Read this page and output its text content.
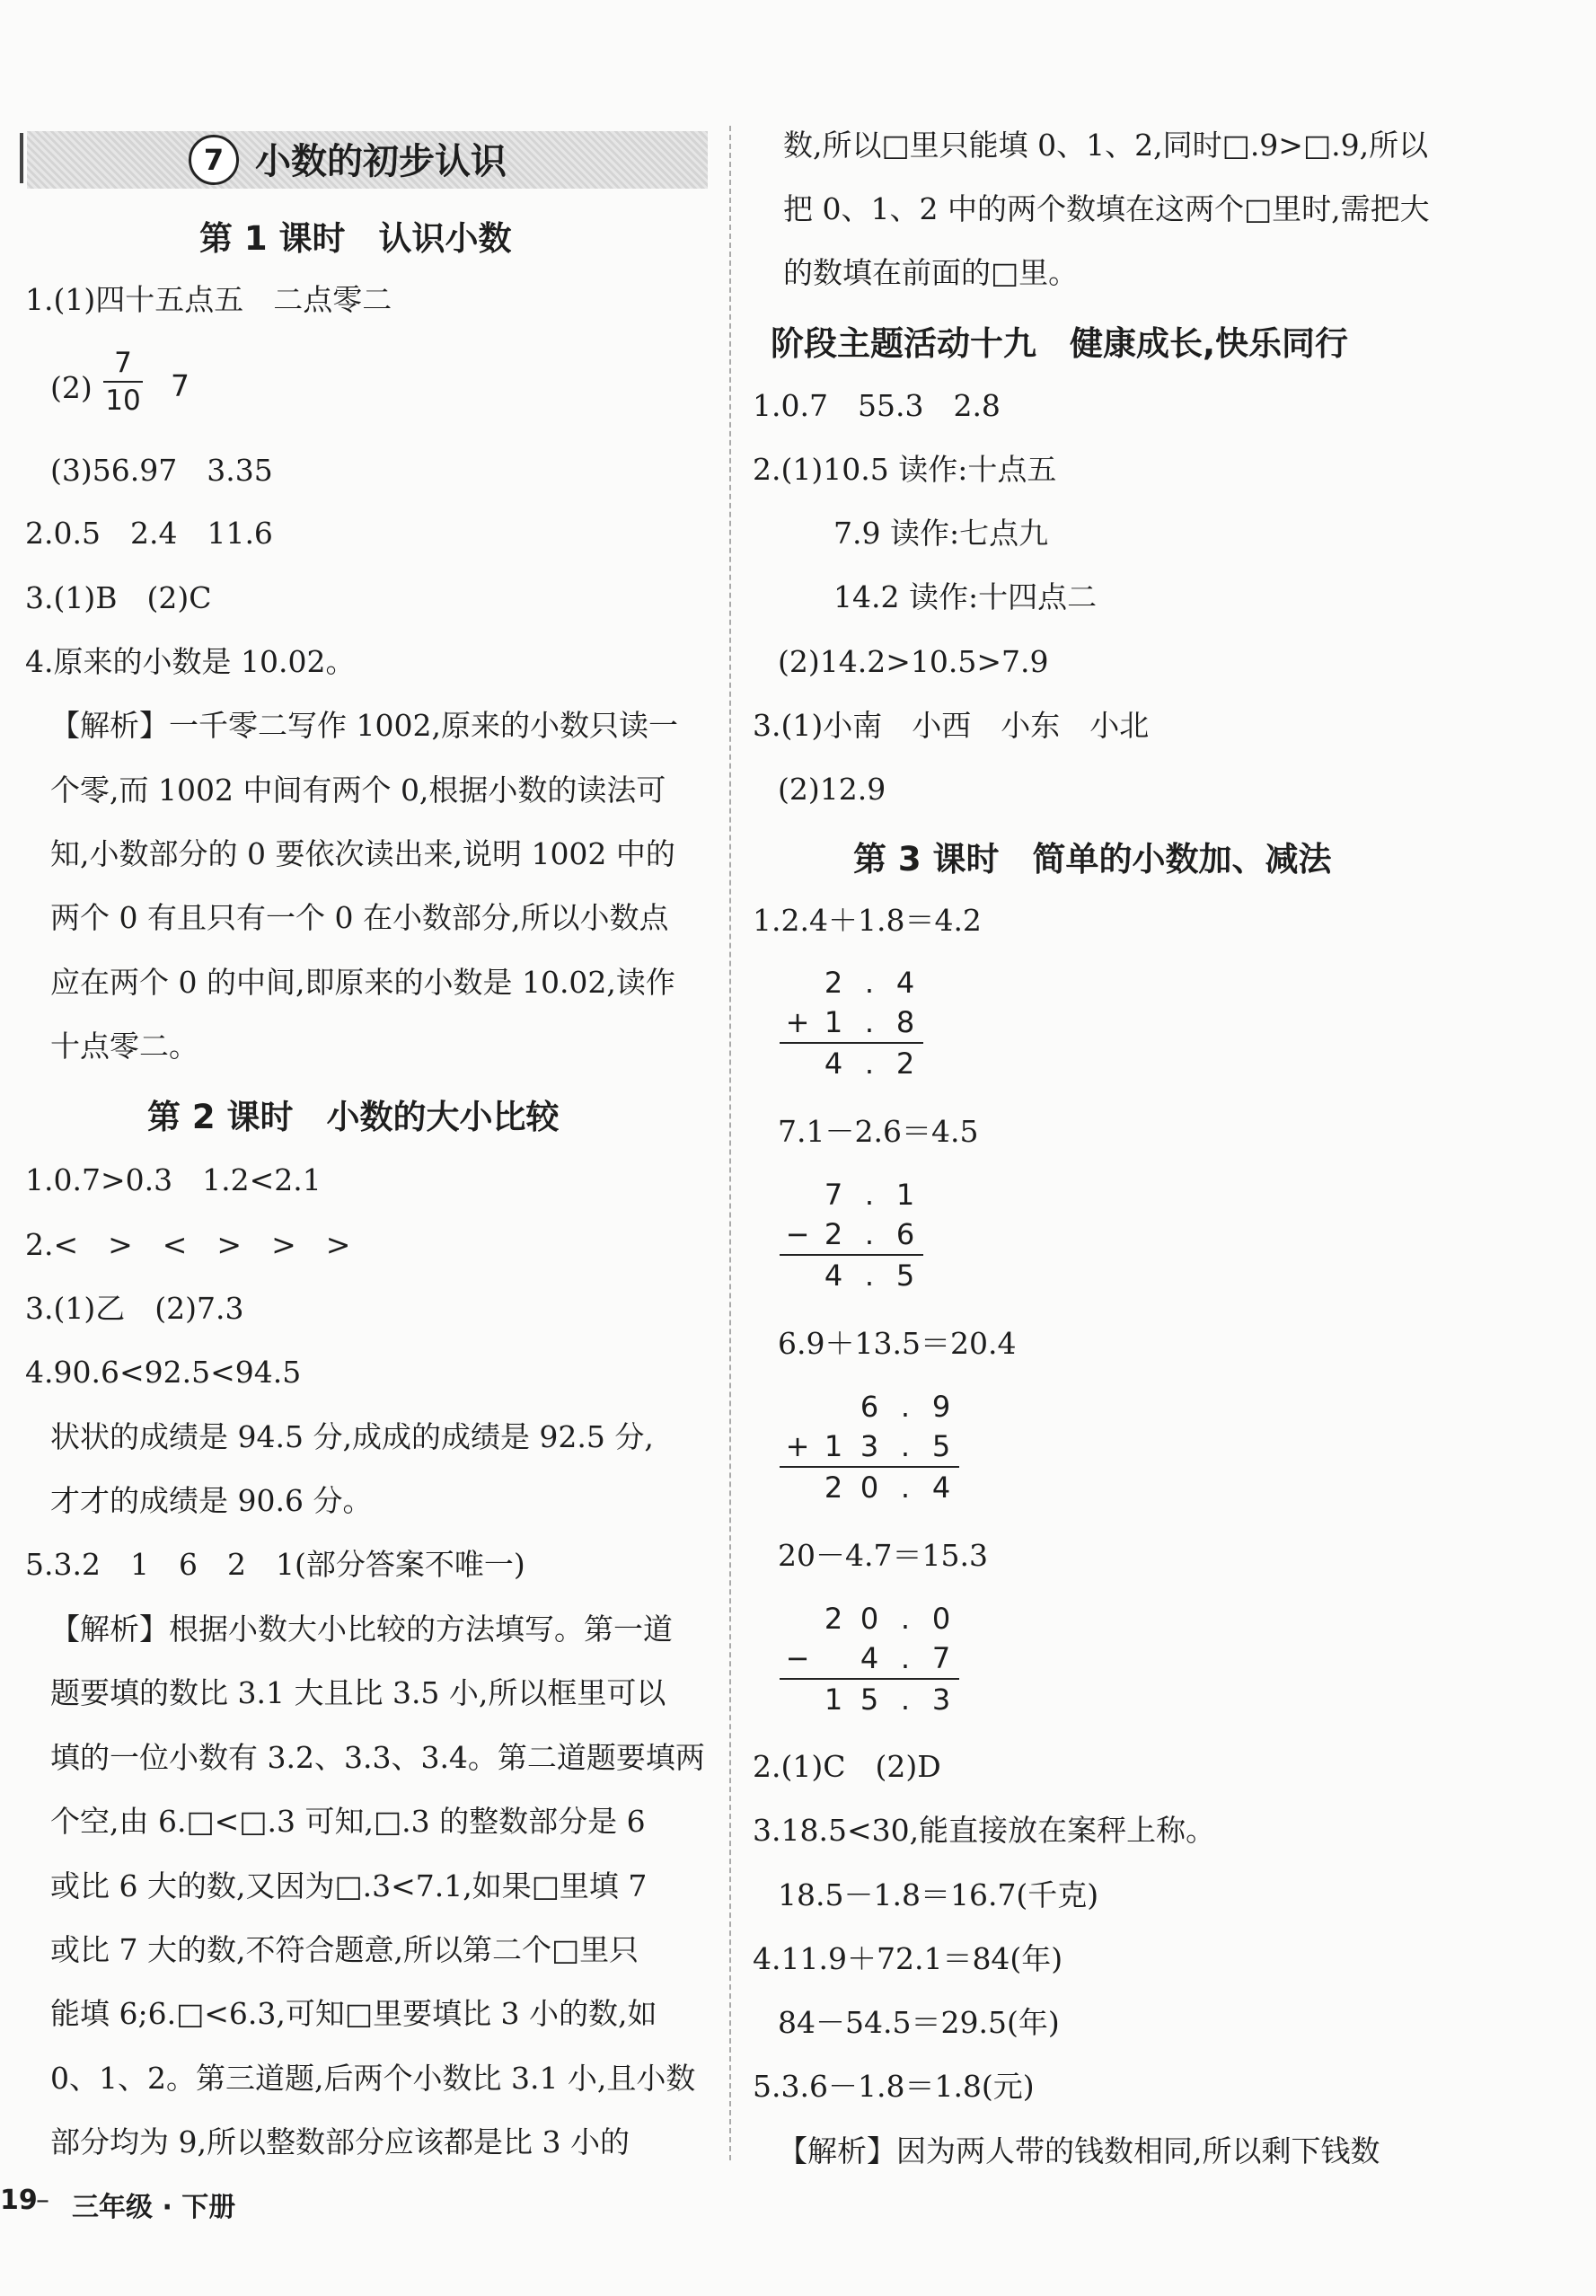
7 小数的初步认识
第 1 课时　认识小数
1.(1)四十五点五　二点零二
(2)
7
10 7
(3)56.97　3.35
2.0.5　2.4　11.6
3.(1)B　(2)C
4.原来的小数是 10.02。
【解析】一千零二写作 1002,原来的小数只读一
个零,而 1002 中间有两个 0,根据小数的读法可
知,小数部分的 0 要依次读出来,说明 1002 中的
两个 0 有且只有一个 0 在小数部分,所以小数点
应在两个 0 的中间,即原来的小数是 10.02,读作
十点零二。
第 2 课时　小数的大小比较
1.0.7>0.3　1.2<2.1
2.<　>　<　>　>　>
3.(1)乙　(2)7.3
4.90.6<92.5<94.5
状状的成绩是 94.5 分,成成的成绩是 92.5 分,
才才的成绩是 90.6 分。
5.3.2　1　6　2　1(部分答案不唯一)
【解析】根据小数大小比较的方法填写。第一道
题要填的数比 3.1 大且比 3.5 小,所以框里可以
填的一位小数有 3.2、3.3、3.4。第二道题要填两
个空,由 6.□<□.3 可知,□.3 的整数部分是 6
或比 6 大的数,又因为□.3<7.1,如果□里填 7
或比 7 大的数,不符合题意,所以第二个□里只
能填 6;6.□<6.3,可知□里要填比 3 小的数,如
0、1、2。第三道题,后两个小数比 3.1 小,且小数
部分均为 9,所以整数部分应该都是比 3 小的
数,所以□里只能填 0、1、2,同时□.9>□.9,所以
把 0、1、2 中的两个数填在这两个□里时,需把大
的数填在前面的□里。
阶段主题活动十九　健康成长,快乐同行
1.0.7　55.3　2.8
2.(1)10.5 读作:十点五
7.9 读作:七点九
14.2 读作:十四点二
(2)14.2>10.5>7.9
3.(1)小南　小西　小东　小北
(2)12.9
第 3 课时　简单的小数加、减法
1.2.4＋1.8＝4.2
2 . 4
+ 1 . 8
4 . 2
7.1－2.6＝4.5
7 . 1
− 2 . 6
4 . 5
6.9＋13.5＝20.4
6 . 9
+ 1 3 . 5
2 0 . 4
20－4.7＝15.3
2 0 . 0
−	4 . 7
1 5 . 3
2.(1)C　(2)D
3.18.5<30,能直接放在案秤上称。
18.5－1.8＝16.7(千克)
4.11.9＋72.1＝84(年)
84－54.5＝29.5(年)
5.3.6－1.8＝1.8(元)
【解析】因为两人带的钱数相同,所以剩下钱数
19
– 三年级 · 下册
